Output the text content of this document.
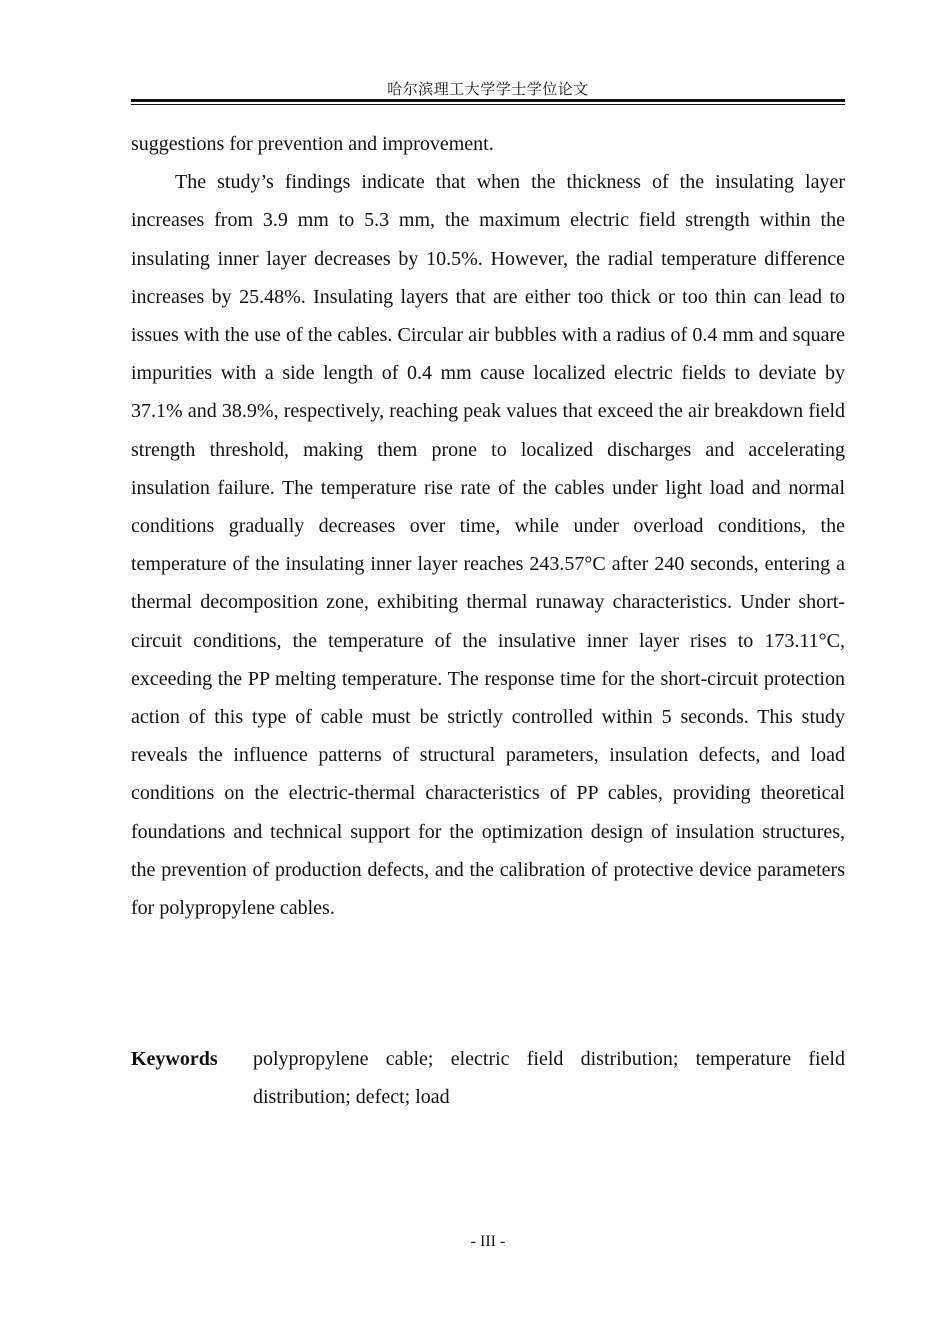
哈尔滨理工大学学士学位论文

suggestions for prevention and improvement.

The study’s findings indicate that when the thickness of the insulating layer increases from 3.9 mm to 5.3 mm, the maximum electric field strength within the insulating inner layer decreases by 10.5%. However, the radial temperature difference increases by 25.48%. Insulating layers that are either too thick or too thin can lead to issues with the use of the cables. Circular air bubbles with a radius of 0.4 mm and square impurities with a side length of 0.4 mm cause localized electric fields to deviate by 37.1% and 38.9%, respectively, reaching peak values that exceed the air breakdown field strength threshold, making them prone to localized discharges and accelerating insulation failure. The temperature rise rate of the cables under light load and normal conditions gradually decreases over time, while under overload conditions, the temperature of the insulating inner layer reaches 243.57°C after 240 seconds, entering a thermal decomposition zone, exhibiting thermal runaway characteristics. Under short-circuit conditions, the temperature of the insulative inner layer rises to 173.11°C, exceeding the PP melting temperature. The response time for the short-circuit protection action of this type of cable must be strictly controlled within 5 seconds. This study reveals the influence patterns of structural parameters, insulation defects, and load conditions on the electric-thermal characteristics of PP cables, providing theoretical foundations and technical support for the optimization design of insulation structures, the prevention of production defects, and the calibration of protective device parameters for polypropylene cables.

Keywords	polypropylene cable; electric field distribution; temperature field distribution; defect; load
- III -
